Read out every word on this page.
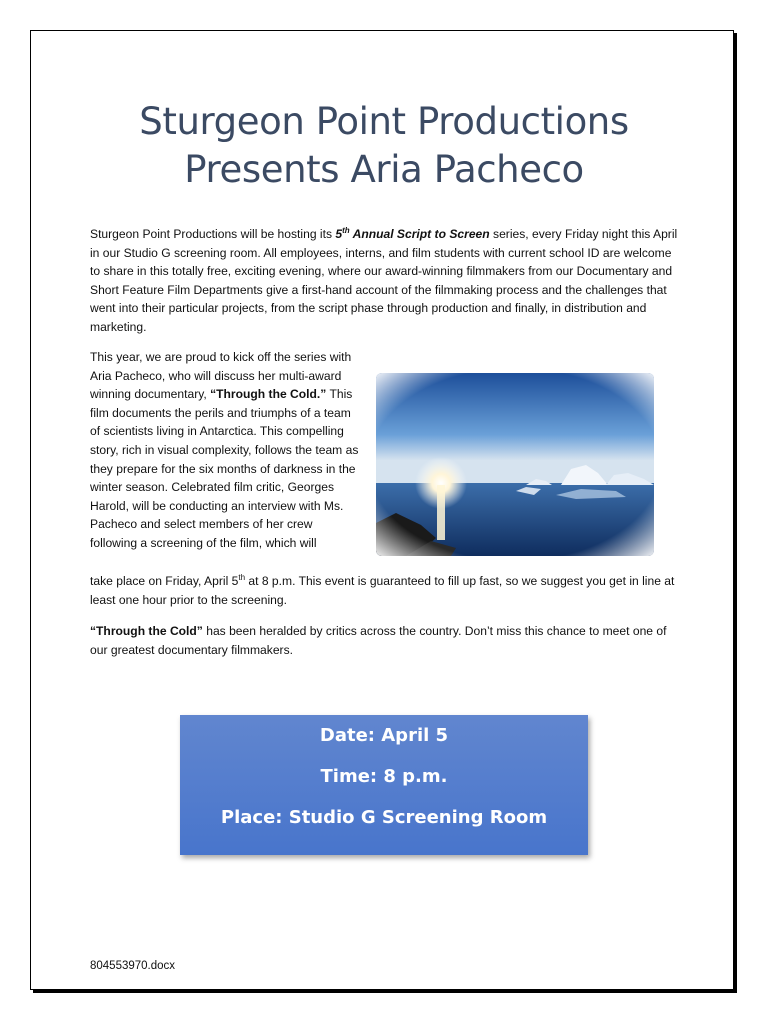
Sturgeon Point Productions
Presents Aria Pacheco
Sturgeon Point Productions will be hosting its 5th Annual Script to Screen series, every Friday night this April in our Studio G screening room. All employees, interns, and film students with current school ID are welcome to share in this totally free, exciting evening, where our award-winning filmmakers from our Documentary and Short Feature Film Departments give a first-hand account of the filmmaking process and the challenges that went into their particular projects, from the script phase through production and finally, in distribution and marketing.
This year, we are proud to kick off the series with Aria Pacheco, who will discuss her multi-award winning documentary, “Through the Cold.” This film documents the perils and triumphs of a team of scientists living in Antarctica. This compelling story, rich in visual complexity, follows the team as they prepare for the six months of darkness in the winter season. Celebrated film critic, Georges Harold, will be conducting an interview with Ms. Pacheco and select members of her crew following a screening of the film, which will
take place on Friday, April 5th at 8 p.m. This event is guaranteed to fill up fast, so we suggest you get in line at least one hour prior to the screening.
“Through the Cold” has been heralded by critics across the country. Don’t miss this chance to meet one of our greatest documentary filmmakers.
Date: April 5
Time: 8 p.m.
Place: Studio G Screening Room
804553970.docx
